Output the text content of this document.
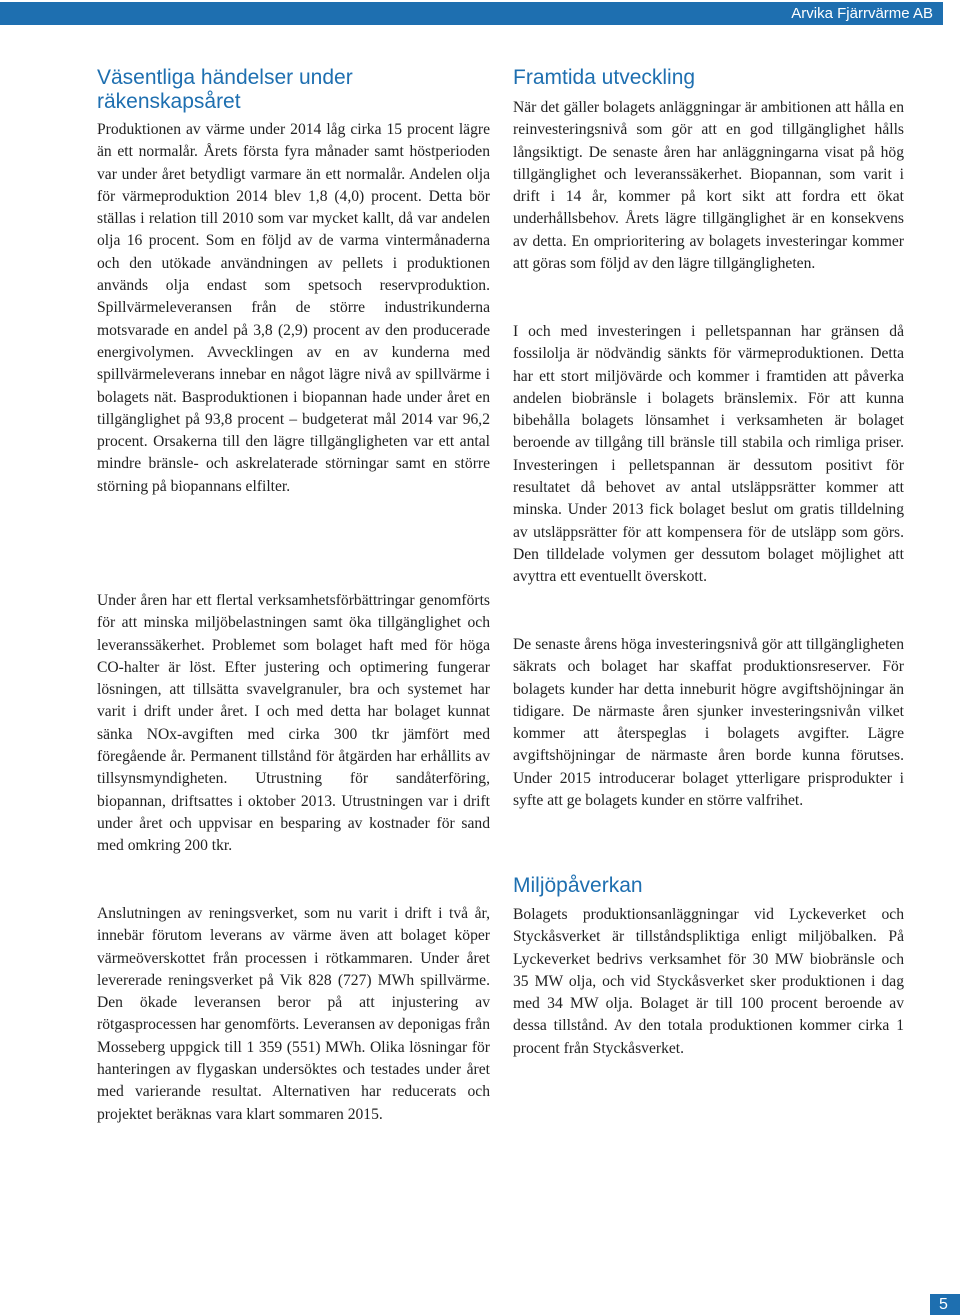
Arvika Fjärrvärme AB
Väsentliga händelser under räkenskapsåret

Produktionen av värme under 2014 låg cirka 15 procent lägre än ett normalår. Årets första fyra månader samt höstperioden var under året betydligt varmare än ett normalår. Andelen olja för värmeproduktion 2014 blev 1,8 (4,0) procent. Detta bör ställas i relation till 2010 som var mycket kallt, då var andelen olja 16 procent. Som en följd av de varma vintermånaderna och den utökade användningen av pellets i produktionen används olja endast som spetsoch reservproduktion. Spillvärmeleveransen från de större industrikunderna motsvarade en andel på 3,8 (2,9) procent av den producerade energivolymen. Avvecklingen av en av kunderna med spillvärmeleverans innebar en något lägre nivå av spillvärme i bolagets nät. Basproduktionen i biopannan hade under året en tillgänglighet på 93,8 procent – budgeterat mål 2014 var 96,2 procent. Orsakerna till den lägre tillgängligheten var ett antal mindre bränsle- och askrelaterade störningar samt en större störning på biopannans elfilter.

Under åren har ett flertal verksamhetsförbättringar genomförts för att minska miljöbelastningen samt öka tillgänglighet och leveranssäkerhet. Problemet som bolaget haft med för höga CO-halter är löst. Efter justering och optimering fungerar lösningen, att tillsätta svavelgranuler, bra och systemet har varit i drift under året. I och med detta har bolaget kunnat sänka NOx-avgiften med cirka 300 tkr jämfört med föregående år. Permanent tillstånd för åtgärden har erhållits av tillsynsmyndigheten. Utrustning för sandåterföring, biopannan, driftsattes i oktober 2013. Utrustningen var i drift under året och uppvisar en besparing av kostnader för sand med omkring 200 tkr.

Anslutningen av reningsverket, som nu varit i drift i två år, innebär förutom leverans av värme även att bolaget köper värmeöverskottet från processen i rötkammaren. Under året levererade reningsverket på Vik 828 (727) MWh spillvärme. Den ökade leveransen beror på att injustering av rötgasprocessen har genomförts. Leveransen av deponigas från Mosseberg uppgick till 1 359 (551) MWh. Olika lösningar för hanteringen av flygaskan undersöktes och testades under året med varierande resultat. Alternativen har reducerats och projektet beräknas vara klart sommaren 2015.

Framtida utveckling

När det gäller bolagets anläggningar är ambitionen att hålla en reinvesteringsnivå som gör att en god tillgänglighet hålls långsiktigt. De senaste åren har anläggningarna visat på hög tillgänglighet och leveranssäkerhet. Biopannan, som varit i drift i 14 år, kommer på kort sikt att fordra ett ökat underhållsbehov. Årets lägre tillgänglighet är en konsekvens av detta. En omprioritering av bolagets investeringar kommer att göras som följd av den lägre tillgängligheten.

I och med investeringen i pelletspannan har gränsen då fossilolja är nödvändig sänkts för värmeproduktionen. Detta har ett stort miljövärde och kommer i framtiden att påverka andelen biobränsle i bolagets bränslemix. För att kunna bibehålla bolagets lönsamhet i verksamheten är bolaget beroende av tillgång till bränsle till stabila och rimliga priser. Investeringen i pelletspannan är dessutom positivt för resultatet då behovet av antal utsläppsrätter kommer att minska. Under 2013 fick bolaget beslut om gratis tilldelning av utsläppsrätter för att kompensera för de utsläpp som görs. Den tilldelade volymen ger dessutom bolaget möjlighet att avyttra ett eventuellt överskott.

De senaste årens höga investeringsnivå gör att tillgängligheten säkrats och bolaget har skaffat produktionsreserver. För bolagets kunder har detta inneburit högre avgiftshöjningar än tidigare. De närmaste åren sjunker investeringsnivån vilket kommer att återspeglas i bolagets avgifter. Lägre avgiftshöjningar de närmaste åren borde kunna förutses. Under 2015 introducerar bolaget ytterligare prisprodukter i syfte att ge bolagets kunder en större valfrihet.

Miljöpåverkan

Bolagets produktionsanläggningar vid Lyckeverket och Styckåsverket är tillståndspliktiga enligt miljöbalken. På Lyckeverket bedrivs verksamhet för 30 MW biobränsle och 35 MW olja, och vid Styckåsverket sker produktionen i dag med 34 MW olja. Bolaget är till 100 procent beroende av dessa tillstånd. Av den totala produktionen kommer cirka 1 procent från Styckåsverket.

5
